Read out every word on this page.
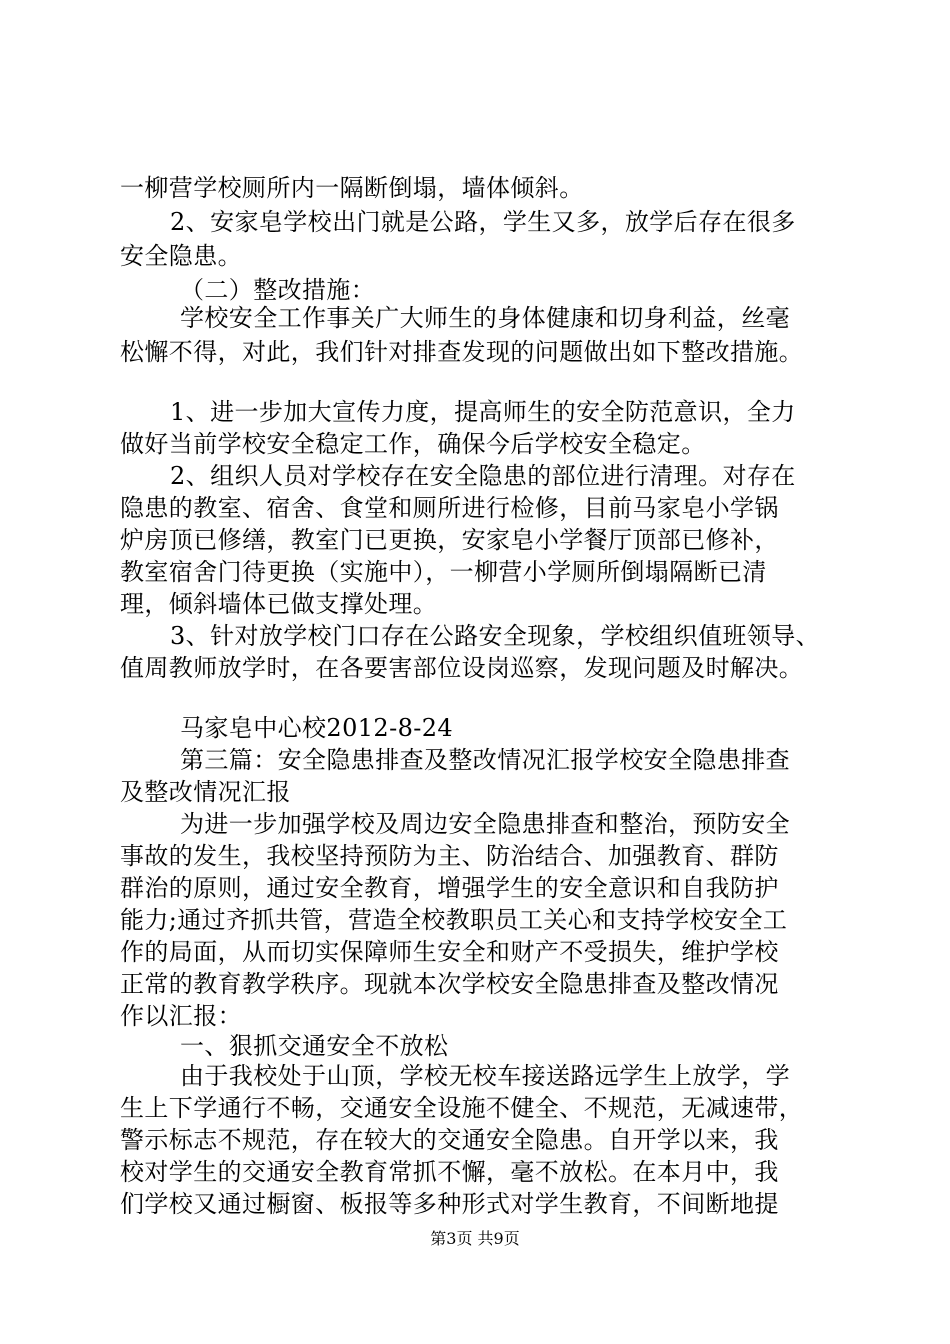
一柳营学校厕所内一隔断倒塌，墙体倾斜。
2、安家皂学校出门就是公路，学生又多，放学后存在很多
安全隐患。
（二）整改措施：
学校安全工作事关广大师生的身体健康和切身利益，丝毫
松懈不得，对此，我们针对排查发现的问题做出如下整改措施。
1、进一步加大宣传力度，提高师生的安全防范意识，全力
做好当前学校安全稳定工作，确保今后学校安全稳定。
2、组织人员对学校存在安全隐患的部位进行清理。对存在
隐患的教室、宿舍、食堂和厕所进行检修，目前马家皂小学锅
炉房顶已修缮，教室门已更换，安家皂小学餐厅顶部已修补，
教室宿舍门待更换（实施中），一柳营小学厕所倒塌隔断已清
理，倾斜墙体已做支撑处理。
3、针对放学校门口存在公路安全现象，学校组织值班领导、
值周教师放学时，在各要害部位设岗巡察，发现问题及时解决。
马家皂中心校2012-8-24
第三篇：安全隐患排查及整改情况汇报学校安全隐患排查
及整改情况汇报
为进一步加强学校及周边安全隐患排查和整治，预防安全
事故的发生，我校坚持预防为主、防治结合、加强教育、群防
群治的原则，通过安全教育，增强学生的安全意识和自我防护
能力;通过齐抓共管，营造全校教职员工关心和支持学校安全工
作的局面，从而切实保障师生安全和财产不受损失，维护学校
正常的教育教学秩序。现就本次学校安全隐患排查及整改情况
作以汇报：
一、狠抓交通安全不放松
由于我校处于山顶，学校无校车接送路远学生上放学，学
生上下学通行不畅，交通安全设施不健全、不规范，无减速带，
警示标志不规范，存在较大的交通安全隐患。自开学以来，我
校对学生的交通安全教育常抓不懈，毫不放松。在本月中，我
们学校又通过橱窗、板报等多种形式对学生教育，不间断地提
第3页 共9页
